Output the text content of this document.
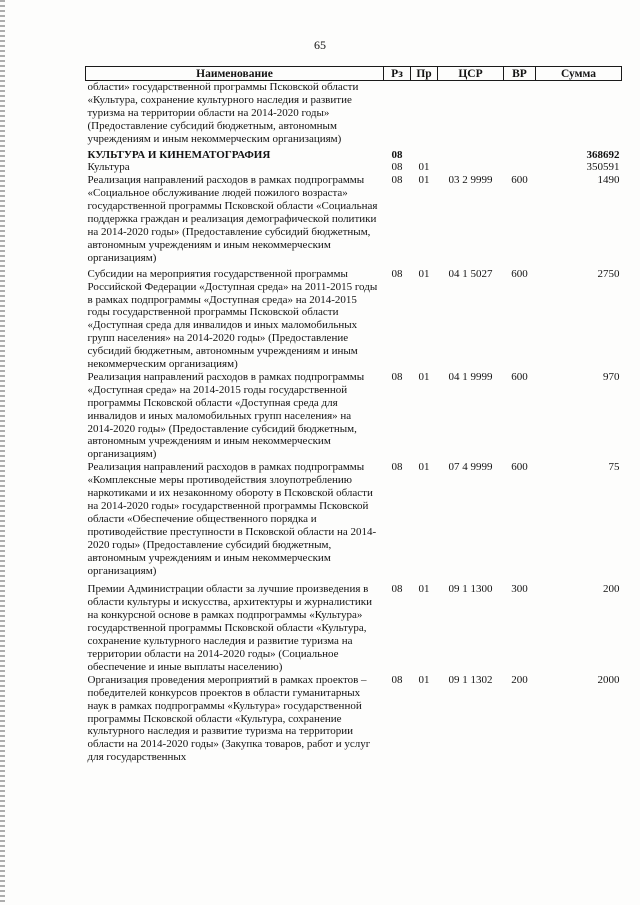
65
Наименование	Рз	Пр	ЦСР	ВР	Сумма
области» государственной программы Псковской области «Культура, сохранение культурного наследия и развитие туризма на территории области на 2014-2020 годы» (Предоставление субсидий бюджетным, автономным учреждениям и иным некоммерческим организациям)					
КУЛЬТУРА И КИНЕМАТОГРАФИЯ	08				368692
Культура	08	01			350591
Реализация направлений расходов в рамках подпрограммы «Социальное обслуживание людей пожилого возраста» государственной программы Псковской области «Социальная поддержка граждан и реализация демографической политики на 2014-2020 годы» (Предоставление субсидий бюджетным, автономным учреждениям и иным некоммерческим организациям)	08	01	03 2 9999	600	1490
Субсидии на мероприятия государственной программы Российской Федерации «Доступная среда» на 2011-2015 годы в рамках подпрограммы «Доступная среда» на 2014-2015 годы государственной программы Псковской области «Доступная среда для инвалидов и иных маломобильных групп населения» на 2014-2020 годы» (Предоставление субсидий бюджетным, автономным учреждениям и иным некоммерческим организациям)	08	01	04 1 5027	600	2750
Реализация направлений расходов в рамках подпрограммы «Доступная среда» на 2014-2015 годы государственной программы Псковской области «Доступная среда для инвалидов и иных маломобильных групп населения» на 2014-2020 годы» (Предоставление субсидий бюджетным, автономным учреждениям и иным некоммерческим организациям)	08	01	04 1 9999	600	970
Реализация направлений расходов в рамках подпрограммы «Комплексные меры противодействия злоупотреблению наркотиками и их незаконному обороту в Псковской области на 2014-2020 годы» государственной программы Псковской области «Обеспечение общественного порядка и противодействие преступности в Псковской области на 2014-2020 годы» (Предоставление субсидий бюджетным, автономным учреждениям и иным некоммерческим организациям)	08	01	07 4 9999	600	75
Премии Администрации области за лучшие произведения в области культуры и искусства, архитектуры и журналистики на конкурсной основе в рамках подпрограммы «Культура» государственной программы Псковской области «Культура, сохранение культурного наследия и развитие туризма на территории области на 2014-2020 годы» (Социальное обеспечение и иные выплаты населению)	08	01	09 1 1300	300	200
Организация проведения мероприятий в рамках проектов – победителей конкурсов проектов в области гуманитарных наук в рамках подпрограммы «Культура» государственной программы Псковской области «Культура, сохранение культурного наследия и развитие туризма на территории области на 2014-2020 годы» (Закупка товаров, работ и услуг для государственных	08	01	09 1 1302	200	2000
